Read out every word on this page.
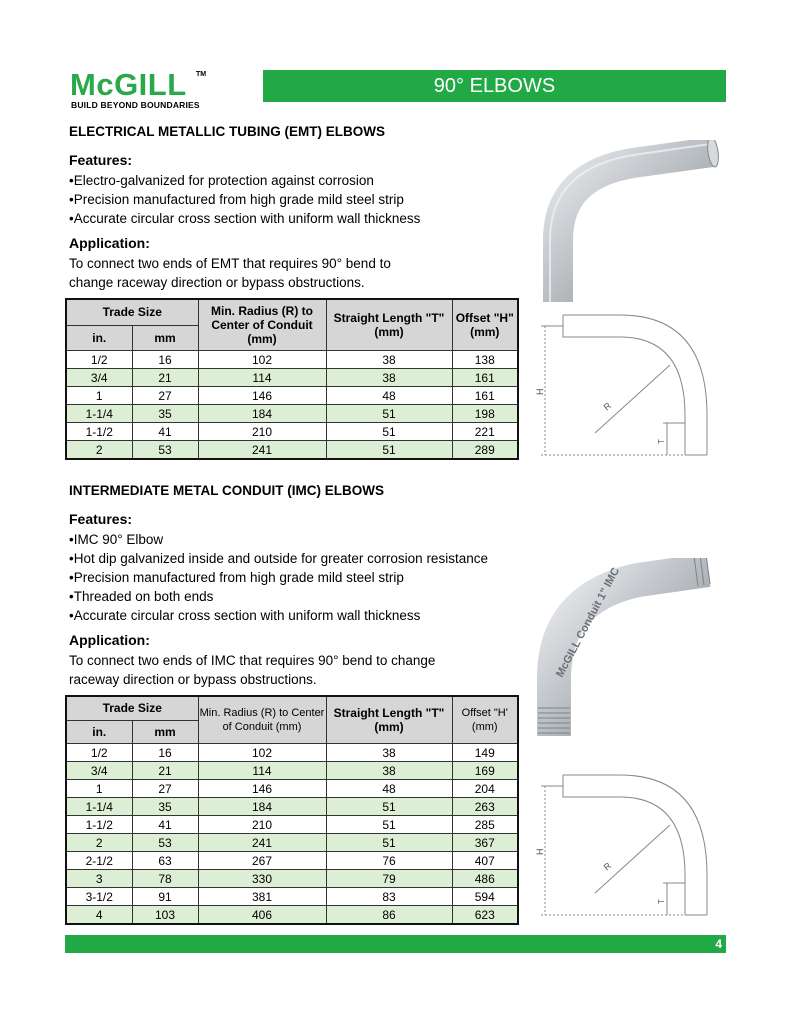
McGILL TM
BUILD BEYOND BOUNDARIES
90° ELBOWS
ELECTRICAL METALLIC TUBING (EMT) ELBOWS
Features:
• Electro-galvanized for protection against corrosion
• Precision manufactured from high grade mild steel strip
• Accurate circular cross section with uniform wall thickness
Application:
To connect two ends of EMT that requires 90° bend to change raceway direction or bypass obstructions.
Trade Size		Min. Radius (R) to Center of Conduit (mm)	Straight Length "T" (mm)	Offset "H" (mm)
in.	mm			
1/2	16	102	38	138
3/4	21	114	38	161
1	27	146	48	161
1-1/4	35	184	51	198
1-1/2	41	210	51	221
2	53	241	51	289
H
R
T
INTERMEDIATE METAL CONDUIT (IMC) ELBOWS
Features:
• IMC 90° Elbow
• Hot dip galvanized inside and outside for greater corrosion resistance
• Precision manufactured from high grade mild steel strip
• Threaded on both ends
• Accurate circular cross section with uniform wall thickness
Application:
To connect two ends of IMC that requires 90° bend to change raceway direction or bypass obstructions.
Trade Size		Min. Radius (R) to Center of Conduit (mm)	Straight Length "T" (mm)	Offset "H' (mm)
in.	mm			
1/2	16	102	38	149
3/4	21	114	38	169
1	27	146	48	204
1-1/4	35	184	51	263
1-1/2	41	210	51	285
2	53	241	51	367
2-1/2	63	267	76	407
3	78	330	79	486
3-1/2	91	381	83	594
4	103	406	86	623
McGILL Conduit 1" IMC
H
R
T
4
